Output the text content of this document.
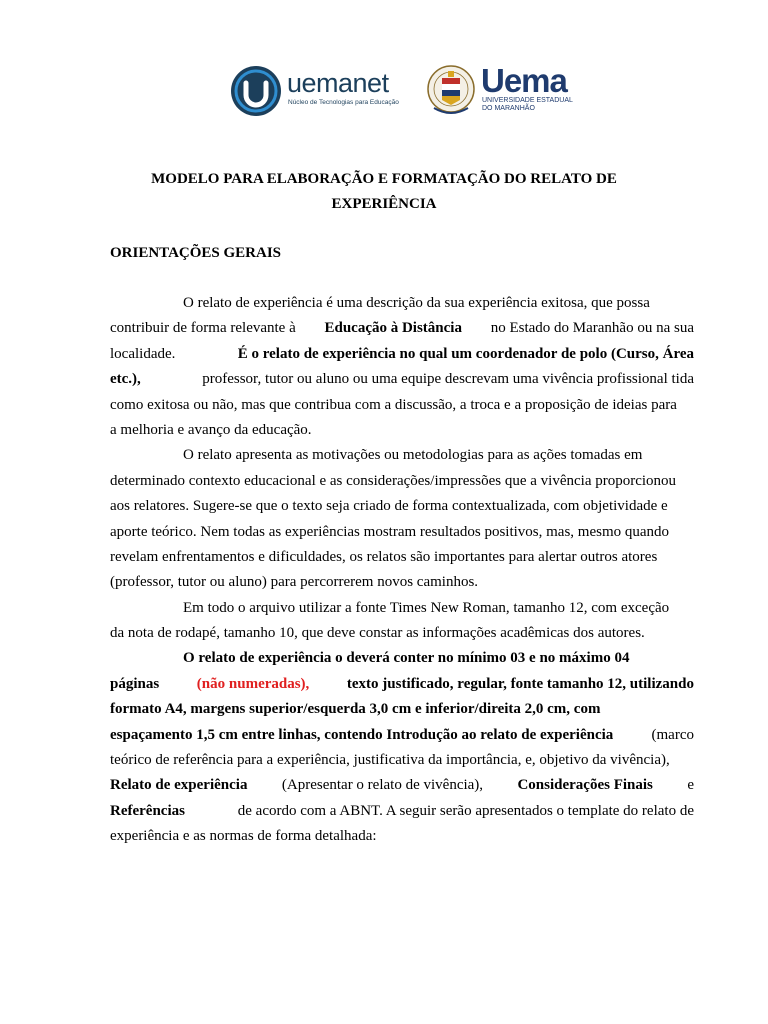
uemanet
Núcleo de Tecnologias para Educação
Uema
UNIVERSIDADE ESTADUAL
DO MARANHÃO
MODELO PARA ELABORAÇÃO E FORMATAÇÃO DO RELATO DE
EXPERIÊNCIA
ORIENTAÇÕES GERAIS
O relato de experiência é uma descrição da sua experiência exitosa, que possa
contribuir de forma relevante à Educação à Distância no Estado do Maranhão ou na sua
localidade.	É o relato de experiência no qual um coordenador de polo (Curso, Área
etc.),	professor, tutor ou aluno ou uma equipe descrevam uma vivência profissional tida
como exitosa ou não, mas que contribua com a discussão, a troca e a proposição de ideias para
a melhoria e avanço da educação.
O relato apresenta as motivações ou metodologias para as ações tomadas em
determinado contexto educacional e as considerações/impressões que a vivência proporcionou
aos relatores. Sugere-se que o texto seja criado de forma contextualizada, com objetividade e
aporte teórico. Nem todas as experiências mostram resultados positivos, mas, mesmo quando
revelam enfrentamentos e dificuldades, os relatos são importantes para alertar outros atores
(professor, tutor ou aluno) para percorrerem novos caminhos.
Em todo o arquivo utilizar a fonte Times New Roman, tamanho 12, com exceção
da nota de rodapé, tamanho 10, que deve constar as informações acadêmicas dos autores.
O relato de experiência o deverá conter no mínimo 03 e no máximo 04
páginas	(não numeradas),	texto justificado, regular, fonte tamanho 12, utilizando
formato A4, margens superior/esquerda 3,0 cm e inferior/direita 2,0 cm, com
espaçamento 1,5 cm entre linhas, contendo Introdução ao relato de experiência	(marco
teórico de referência para a experiência, justificativa da importância, e, objetivo da vivência),
Relato de experiência (Apresentar o relato de vivência), Considerações Finais e
Referências	de acordo com a ABNT. A seguir serão apresentados o template do relato de
experiência e as normas de forma detalhada:
